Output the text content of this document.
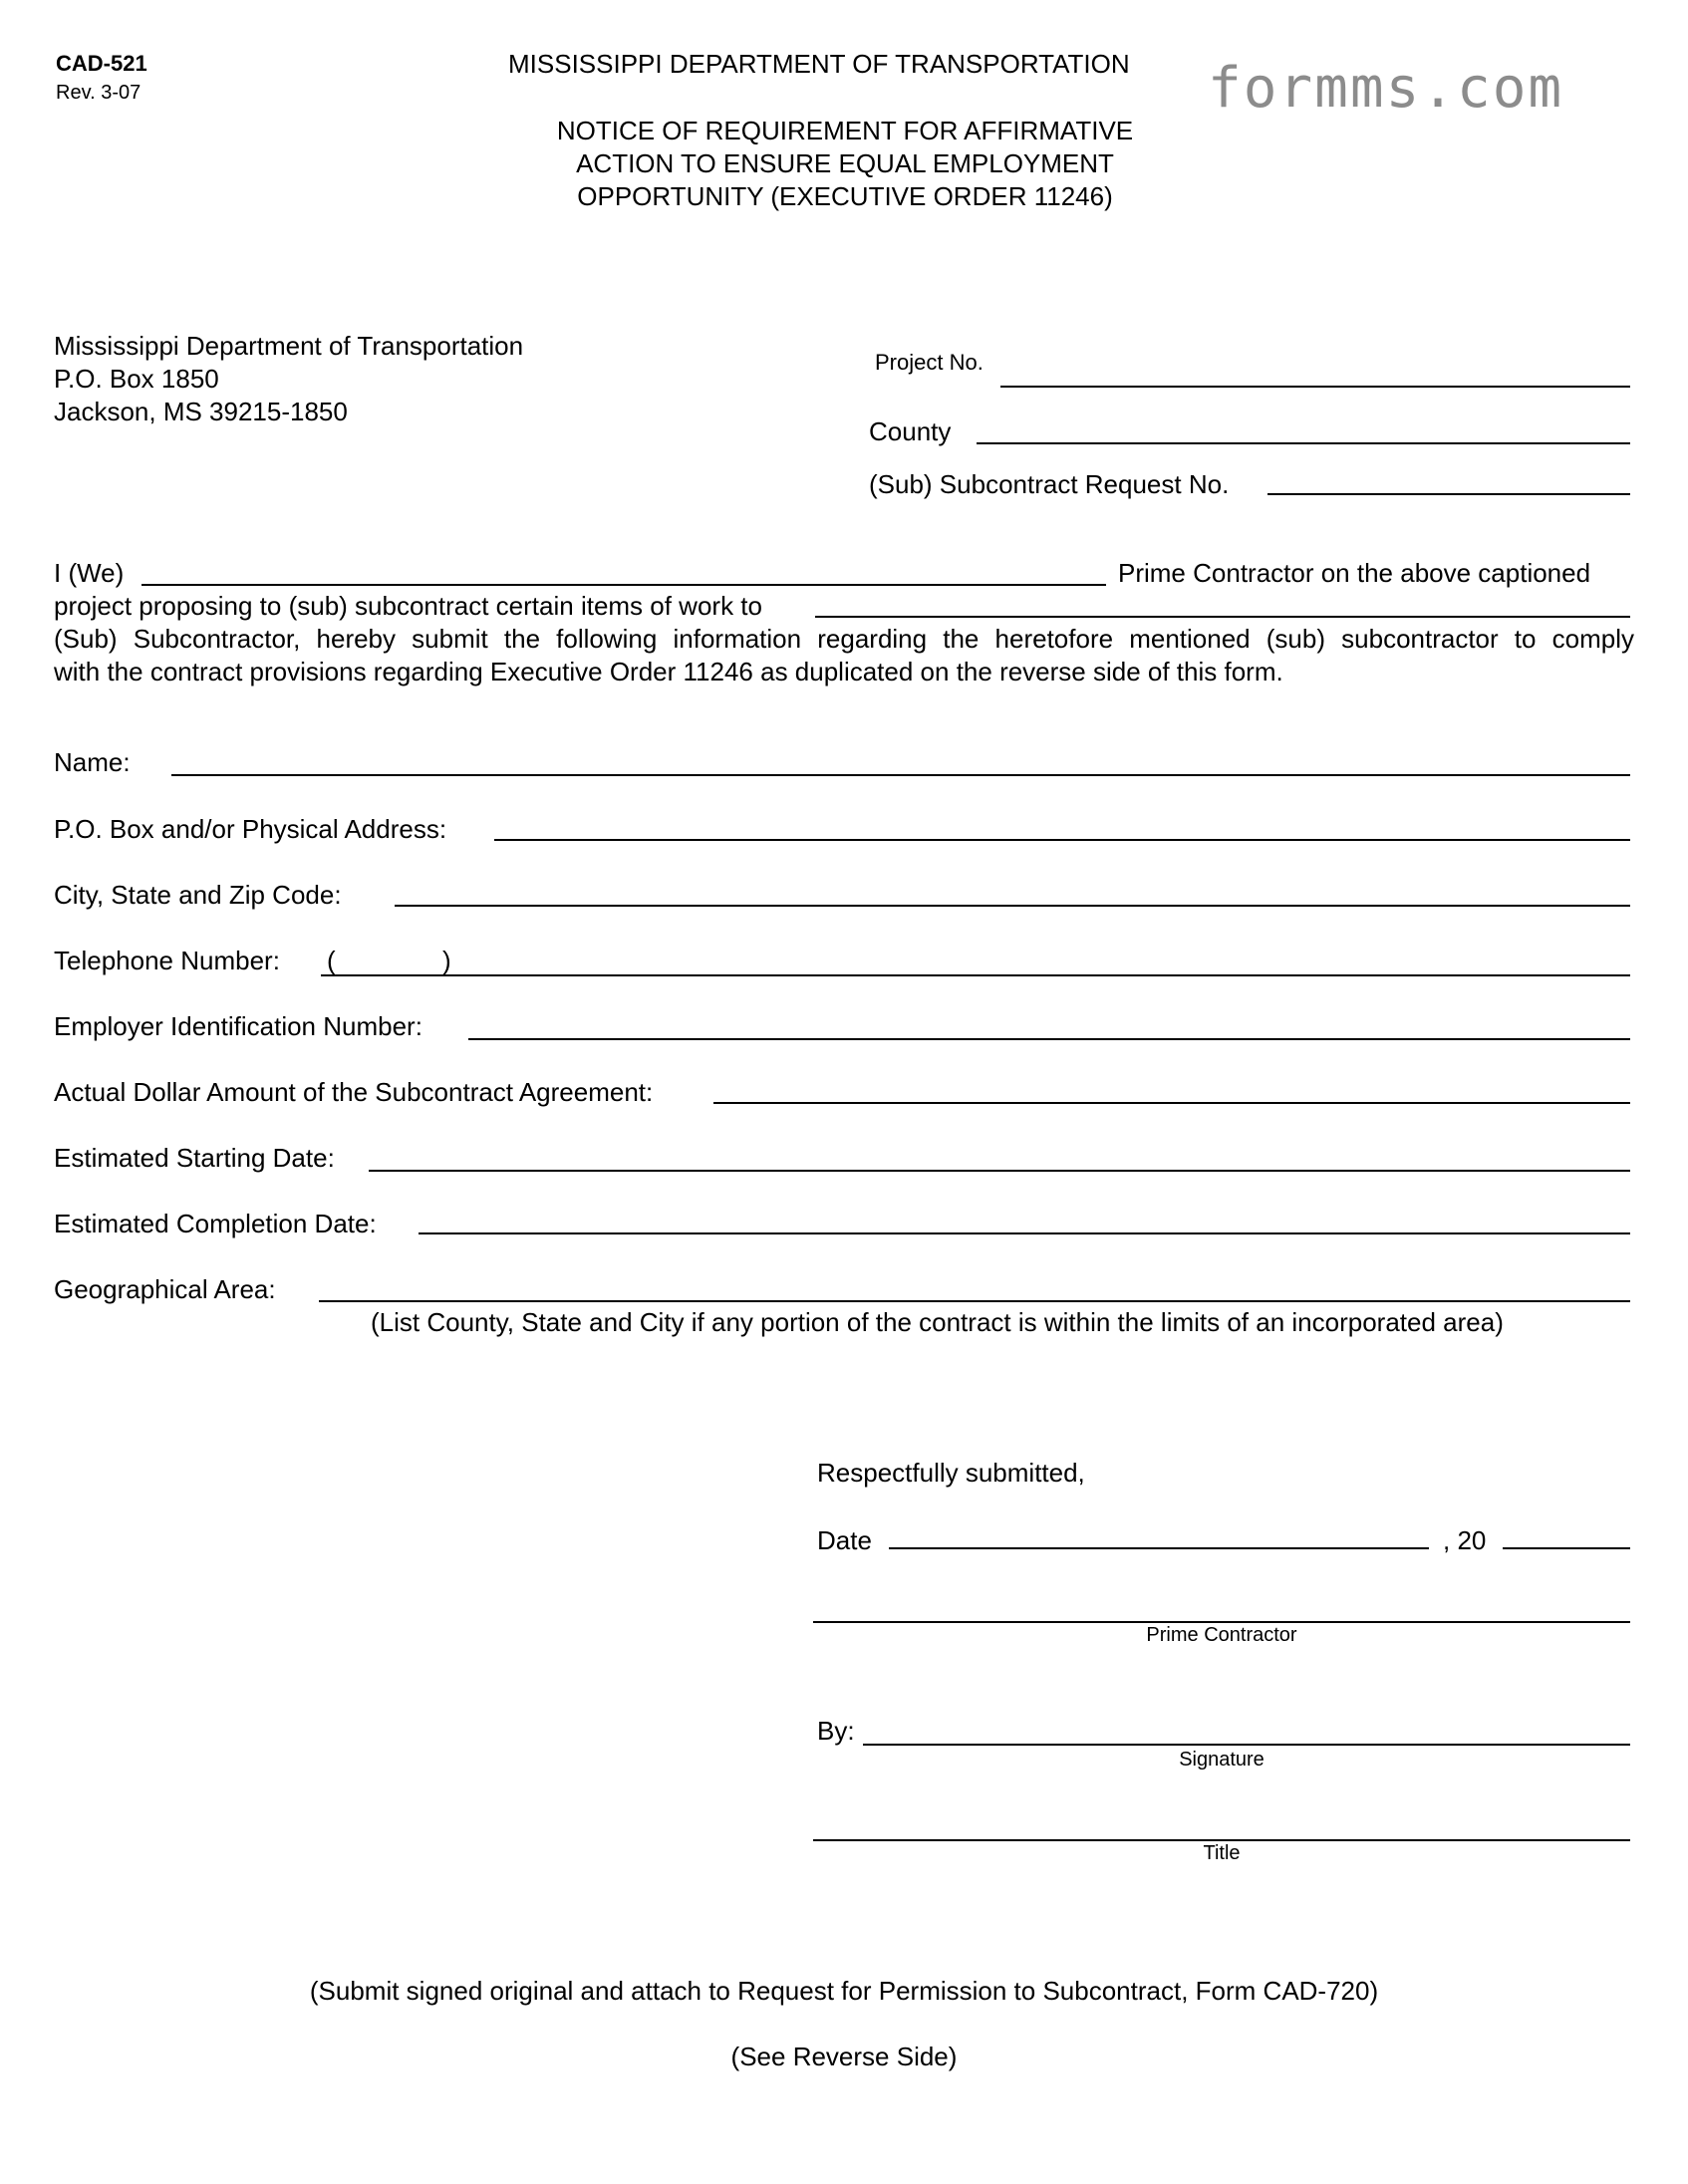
CAD-521
Rev. 3-07
MISSISSIPPI DEPARTMENT OF TRANSPORTATION formms.com
NOTICE OF REQUIREMENT FOR AFFIRMATIVE
ACTION TO ENSURE EQUAL EMPLOYMENT
OPPORTUNITY (EXECUTIVE ORDER 11246)
Mississippi Department of Transportation
P.O. Box 1850
Jackson, MS 39215-1850
Project No.
County
(Sub) Subcontract Request No.
I (We)	Prime Contractor on the above captioned
project proposing to (sub) subcontract certain items of work to
(Sub) Subcontractor, hereby submit the following information regarding the heretofore mentioned (sub) subcontractor to comply
with the contract provisions regarding Executive Order 11246 as duplicated on the reverse side of this form.
Name:
P.O. Box and/or Physical Address:
City, State and Zip Code:
Telephone Number: (	)
Employer Identification Number:
Actual Dollar Amount of the Subcontract Agreement:
Estimated Starting Date:
Estimated Completion Date:
Geographical Area:
(List County, State and City if any portion of the contract is within the limits of an incorporated area)
Respectfully submitted,
Date	, 20
Prime Contractor
By:
Signature
Title
(Submit signed original and attach to Request for Permission to Subcontract, Form CAD-720)
(See Reverse Side)
